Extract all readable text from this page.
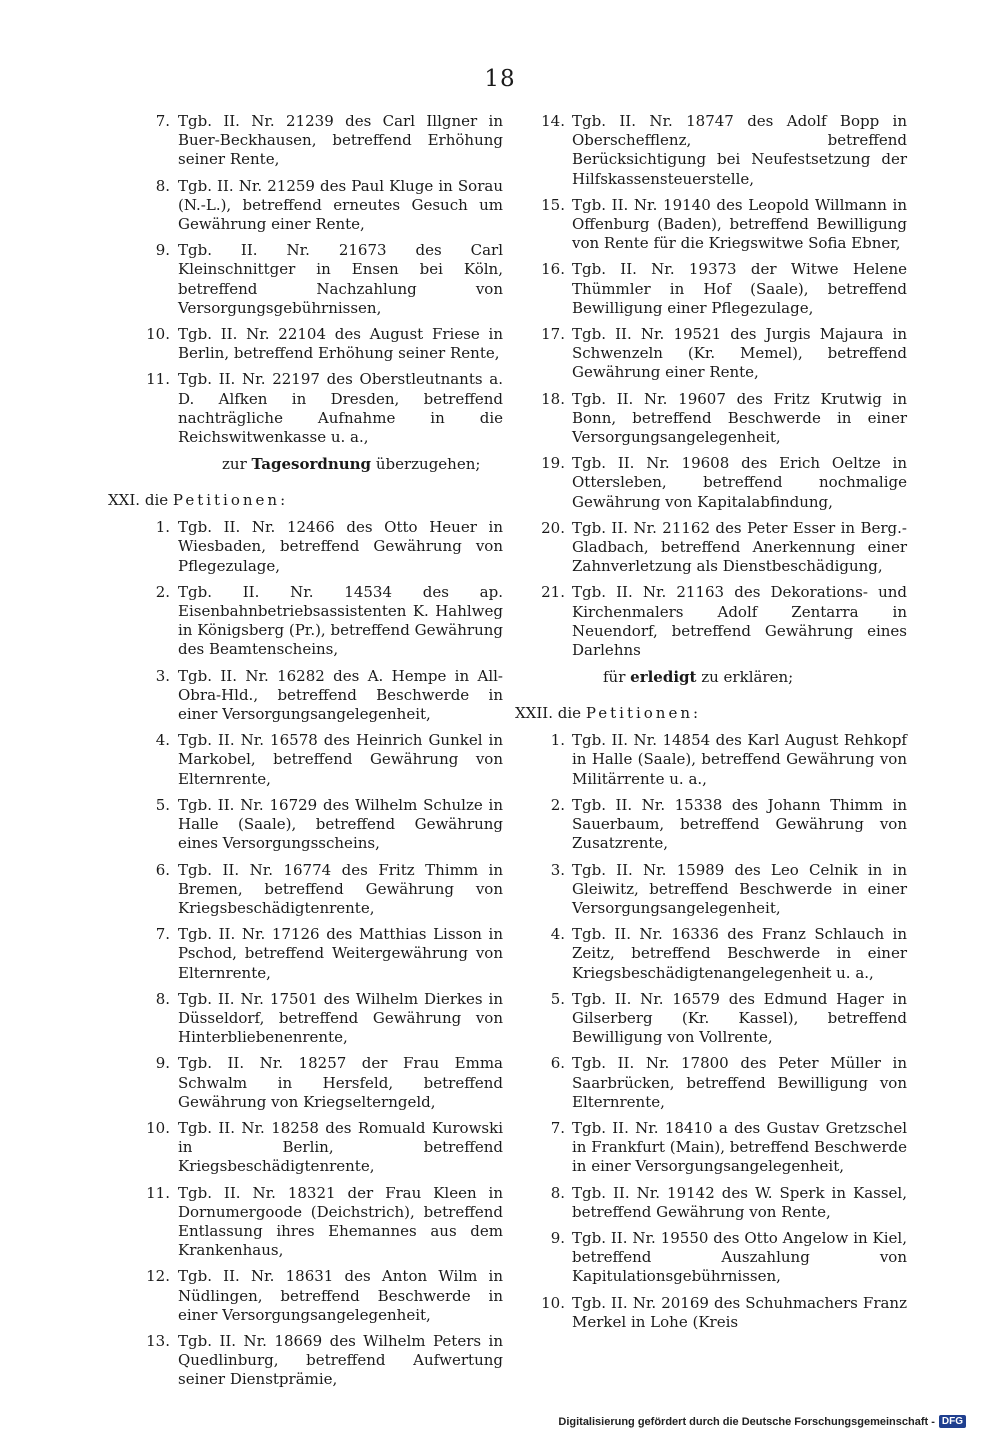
18

7. Tgb. II. Nr. 21239 des Carl Illgner in Buer-Beckhausen, betreffend Erhöhung seiner Rente,

8. Tgb. II. Nr. 21259 des Paul Kluge in Sorau (N.-L.), betreffend erneutes Gesuch um Gewährung einer Rente,

9. Tgb. II. Nr. 21673 des Carl Kleinschnittger in Ensen bei Köln, betreffend Nachzahlung von Versorgungsgebührnissen,

10. Tgb. II. Nr. 22104 des August Friese in Berlin, betreffend Erhöhung seiner Rente,

11. Tgb. II. Nr. 22197 des Oberstleutnants a. D. Alfken in Dresden, betreffend nachträgliche Aufnahme in die Reichswitwenkasse u. a.,

zur Tagesordnung überzugehen;
XXI. die Petitionen:

1. Tgb. II. Nr. 12466 des Otto Heuer in Wiesbaden, betreffend Gewährung von Pflegezulage,

2. Tgb. II. Nr. 14534 des ap. Eisenbahnbetriebsassistenten K. Hahlweg in Königsberg (Pr.), betreffend Gewährung des Beamtenscheins,

3. Tgb. II. Nr. 16282 des A. Hempe in All-Obra-Hld., betreffend Beschwerde in einer Versorgungsangelegenheit,

4. Tgb. II. Nr. 16578 des Heinrich Gunkel in Markobel, betreffend Gewährung von Elternrente,

5. Tgb. II. Nr. 16729 des Wilhelm Schulze in Halle (Saale), betreffend Gewährung eines Versorgungsscheins,

6. Tgb. II. Nr. 16774 des Fritz Thimm in Bremen, betreffend Gewährung von Kriegsbeschädigtenrente,

7. Tgb. II. Nr. 17126 des Matthias Lisson in Pschod, betreffend Weitergewährung von Elternrente,

8. Tgb. II. Nr. 17501 des Wilhelm Dierkes in Düsseldorf, betreffend Gewährung von Hinterbliebenenrente,

9. Tgb. II. Nr. 18257 der Frau Emma Schwalm in Hersfeld, betreffend Gewährung von Kriegselterngeld,

10. Tgb. II. Nr. 18258 des Romuald Kurowski in Berlin, betreffend Kriegsbeschädigtenrente,

11. Tgb. II. Nr. 18321 der Frau Kleen in Dornumergoode (Deichstrich), betreffend Entlassung ihres Ehemannes aus dem Krankenhaus,

12. Tgb. II. Nr. 18631 des Anton Wilm in Nüdlingen, betreffend Beschwerde in einer Versorgungsangelegenheit,

13. Tgb. II. Nr. 18669 des Wilhelm Peters in Quedlinburg, betreffend Aufwertung seiner Dienstprämie,

14. Tgb. II. Nr. 18747 des Adolf Bopp in Oberschefflenz, betreffend Berücksichtigung bei Neufestsetzung der Hilfskassensteuerstelle,

15. Tgb. II. Nr. 19140 des Leopold Willmann in Offenburg (Baden), betreffend Bewilligung von Rente für die Kriegswitwe Sofia Ebner,

16. Tgb. II. Nr. 19373 der Witwe Helene Thümmler in Hof (Saale), betreffend Bewilligung einer Pflegezulage,

17. Tgb. II. Nr. 19521 des Jurgis Majaura in Schwenzeln (Kr. Memel), betreffend Gewährung einer Rente,

18. Tgb. II. Nr. 19607 des Fritz Krutwig in Bonn, betreffend Beschwerde in einer Versorgungsangelegenheit,

19. Tgb. II. Nr. 19608 des Erich Oeltze in Ottersleben, betreffend nochmalige Gewährung von Kapitalabfindung,

20. Tgb. II. Nr. 21162 des Peter Esser in Berg.-Gladbach, betreffend Anerkennung einer Zahnverletzung als Dienstbeschädigung,

21. Tgb. II. Nr. 21163 des Dekorations- und Kirchenmalers Adolf Zentarra in Neuendorf, betreffend Gewährung eines Darlehns

für erledigt zu erklären;
XXII. die Petitionen:

1. Tgb. II. Nr. 14854 des Karl August Rehkopf in Halle (Saale), betreffend Gewährung von Militärrente u. a.,

2. Tgb. II. Nr. 15338 des Johann Thimm in Sauerbaum, betreffend Gewährung von Zusatzrente,

3. Tgb. II. Nr. 15989 des Leo Celnik in in Gleiwitz, betreffend Beschwerde in einer Versorgungsangelegenheit,

4. Tgb. II. Nr. 16336 des Franz Schlauch in Zeitz, betreffend Beschwerde in einer Kriegsbeschädigtenangelegenheit u. a.,

5. Tgb. II. Nr. 16579 des Edmund Hager in Gilserberg (Kr. Kassel), betreffend Bewilligung von Vollrente,

6. Tgb. II. Nr. 17800 des Peter Müller in Saarbrücken, betreffend Bewilligung von Elternrente,

7. Tgb. II. Nr. 18410 a des Gustav Gretzschel in Frankfurt (Main), betreffend Beschwerde in einer Versorgungsangelegenheit,

8. Tgb. II. Nr. 19142 des W. Sperk in Kassel, betreffend Gewährung von Rente,

9. Tgb. II. Nr. 19550 des Otto Angelow in Kiel, betreffend Auszahlung von Kapitulationsgebührnissen,

10. Tgb. II. Nr. 20169 des Schuhmachers Franz Merkel in Lohe (Kreis

Digitalisierung gefördert durch die Deutsche Forschungsgemeinschaft - DFG
